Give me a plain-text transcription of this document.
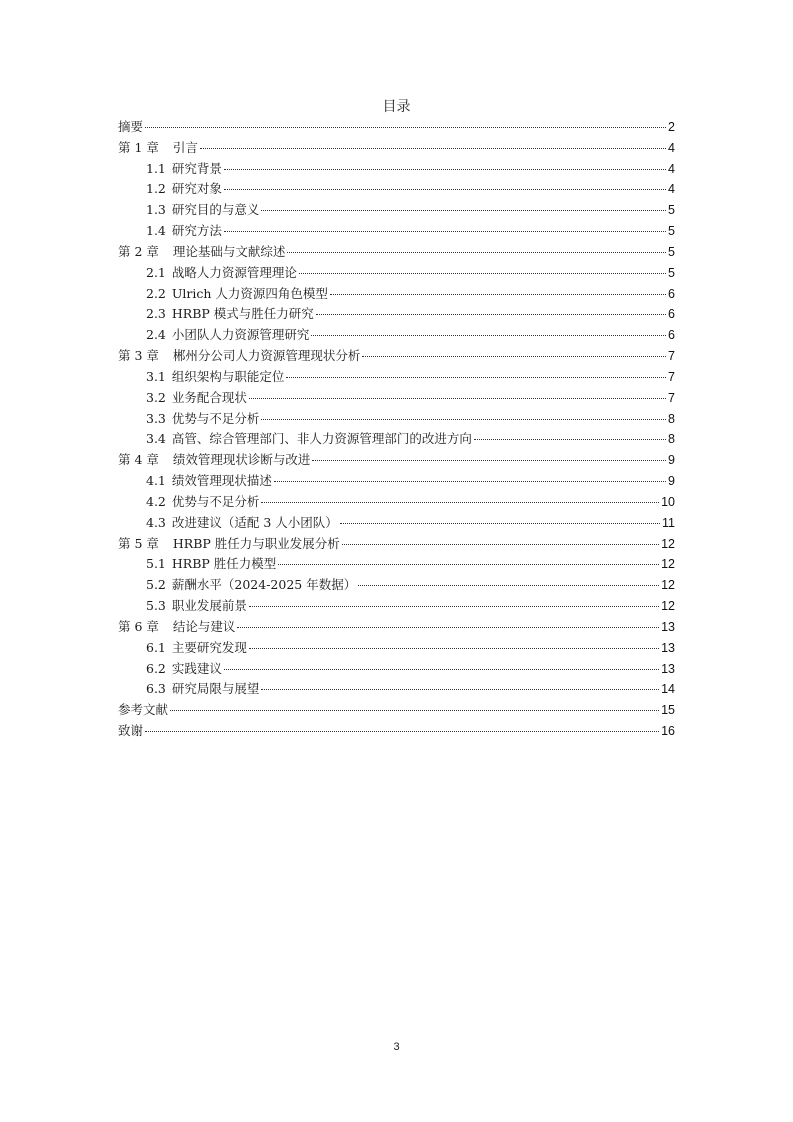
目录
摘要	2
第 1 章 引言	4
1.1 研究背景	4
1.2 研究对象	4
1.3 研究目的与意义	5
1.4 研究方法	5
第 2 章 理论基础与文献综述	5
2.1 战略人力资源管理理论	5
2.2 Ulrich 人力资源四角色模型	6
2.3 HRBP 模式与胜任力研究	6
2.4 小团队人力资源管理研究	6
第 3 章 郴州分公司人力资源管理现状分析	7
3.1 组织架构与职能定位	7
3.2 业务配合现状	7
3.3 优势与不足分析	8
3.4 高管、综合管理部门、非人力资源管理部门的改进方向	8
第 4 章 绩效管理现状诊断与改进	9
4.1 绩效管理现状描述	9
4.2 优势与不足分析	10
4.3 改进建议（适配 3 人小团队）	11
第 5 章 HRBP 胜任力与职业发展分析	12
5.1 HRBP 胜任力模型	12
5.2 薪酬水平（2024-2025 年数据）	12
5.3 职业发展前景	12
第 6 章 结论与建议	13
6.1 主要研究发现	13
6.2 实践建议	13
6.3 研究局限与展望	14
参考文献	15
致谢	16
3
